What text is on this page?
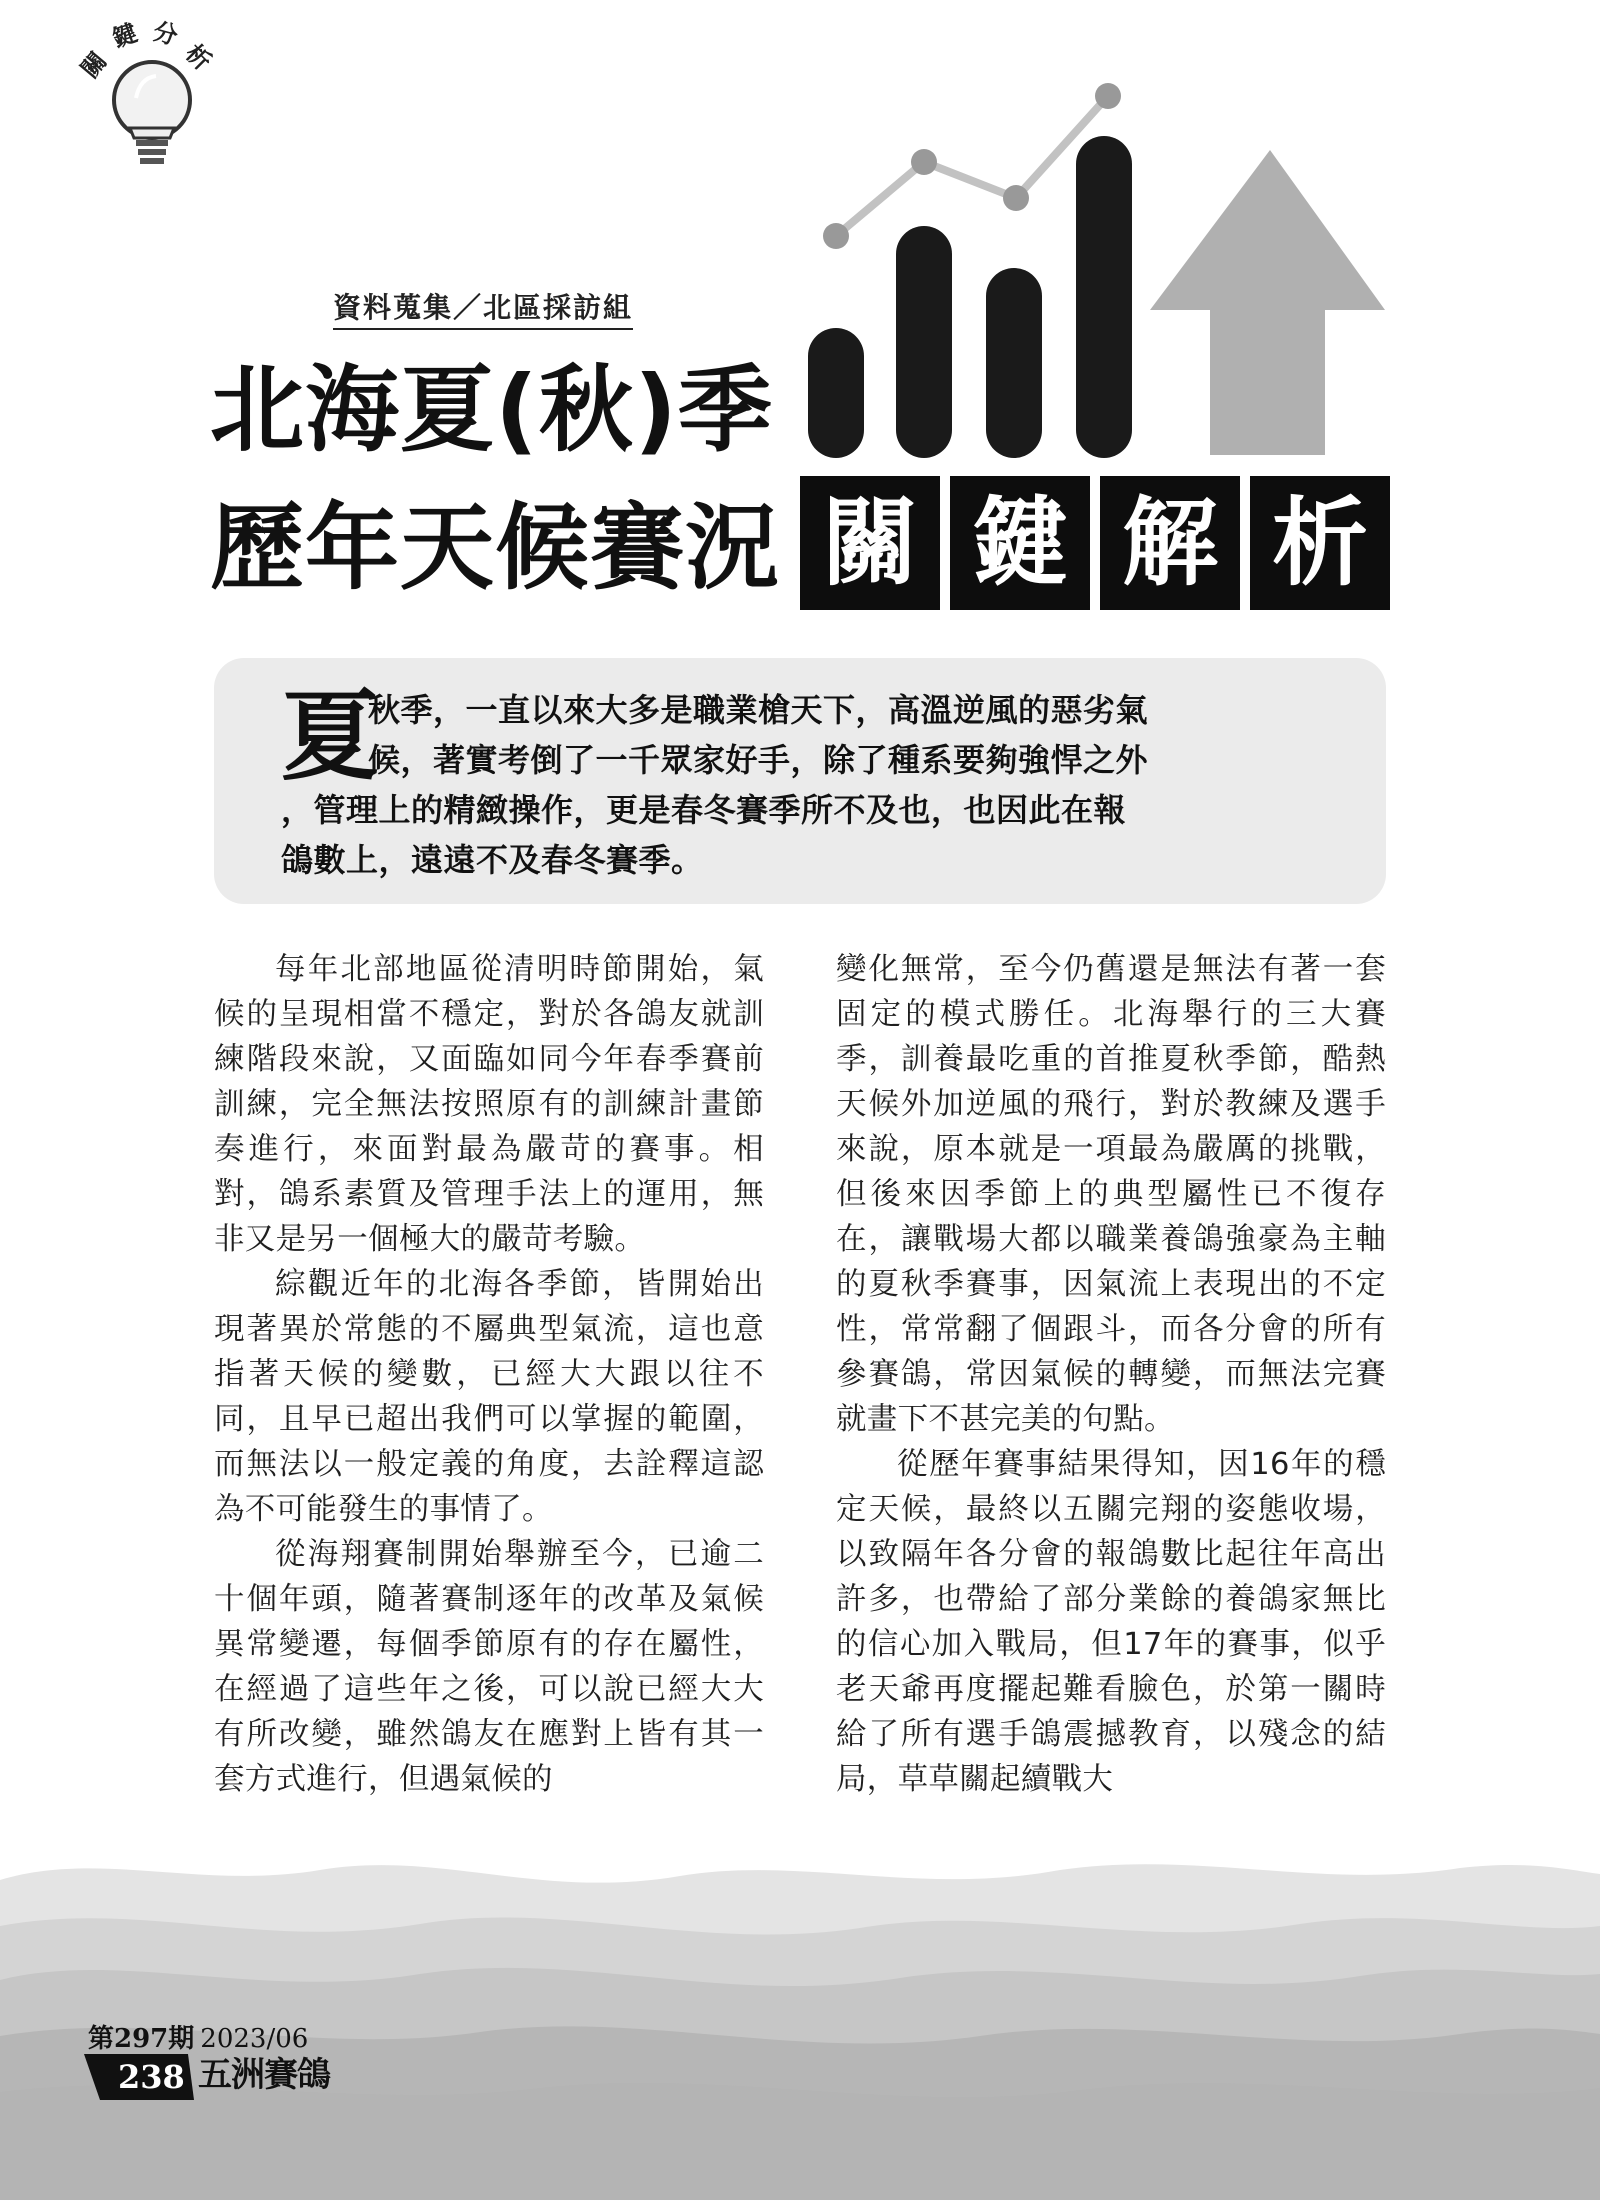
關
鍵 分
析
資料蒐集／北區採訪組
北海夏(秋)季
歷年天候賽況 關 鍵 解 析
夏
秋季，一直以來大多是職業槍天下，高溫逆風的惡劣氣
候，著實考倒了一千眾家好手，除了種系要夠強悍之外
，管理上的精緻操作，更是春冬賽季所不及也，也因此在報
鴿數上，遠遠不及春冬賽季。

每年北部地區從清明時節開始，氣候的呈現相當不穩定，對於各鴿友就訓練階段來說，又面臨如同今年春季賽前訓練，完全無法按照原有的訓練計畫節奏進行，來面對最為嚴苛的賽事。相對，鴿系素質及管理手法上的運用，無非又是另一個極大的嚴苛考驗。

綜觀近年的北海各季節，皆開始出現著異於常態的不屬典型氣流，這也意指著天候的變數，已經大大跟以往不同，且早已超出我們可以掌握的範圍，而無法以一般定義的角度，去詮釋這認為不可能發生的事情了。

從海翔賽制開始舉辦至今，已逾二十個年頭，隨著賽制逐年的改革及氣候異常變遷，每個季節原有的存在屬性，在經過了這些年之後，可以說已經大大有所改變，雖然鴿友在應對上皆有其一套方式進行，但遇氣候的

變化無常，至今仍舊還是無法有著一套固定的模式勝任。北海舉行的三大賽季，訓養最吃重的首推夏秋季節，酷熱天候外加逆風的飛行，對於教練及選手來說，原本就是一項最為嚴厲的挑戰，但後來因季節上的典型屬性已不復存在，讓戰場大都以職業養鴿強豪為主軸的夏秋季賽事，因氣流上表現出的不定性，常常翻了個跟斗，而各分會的所有參賽鴿，常因氣候的轉變，而無法完賽就畫下不甚完美的句點。

從歷年賽事結果得知，因16年的穩定天候，最終以五關完翔的姿態收場，以致隔年各分會的報鴿數比起往年高出許多，也帶給了部分業餘的養鴿家無比的信心加入戰局，但17年的賽事，似乎老天爺再度擺起難看臉色，於第一關時給了所有選手鴿震撼教育，以殘念的結局，草草關起續戰大

第297期 2023/06
238 五洲賽鴿
